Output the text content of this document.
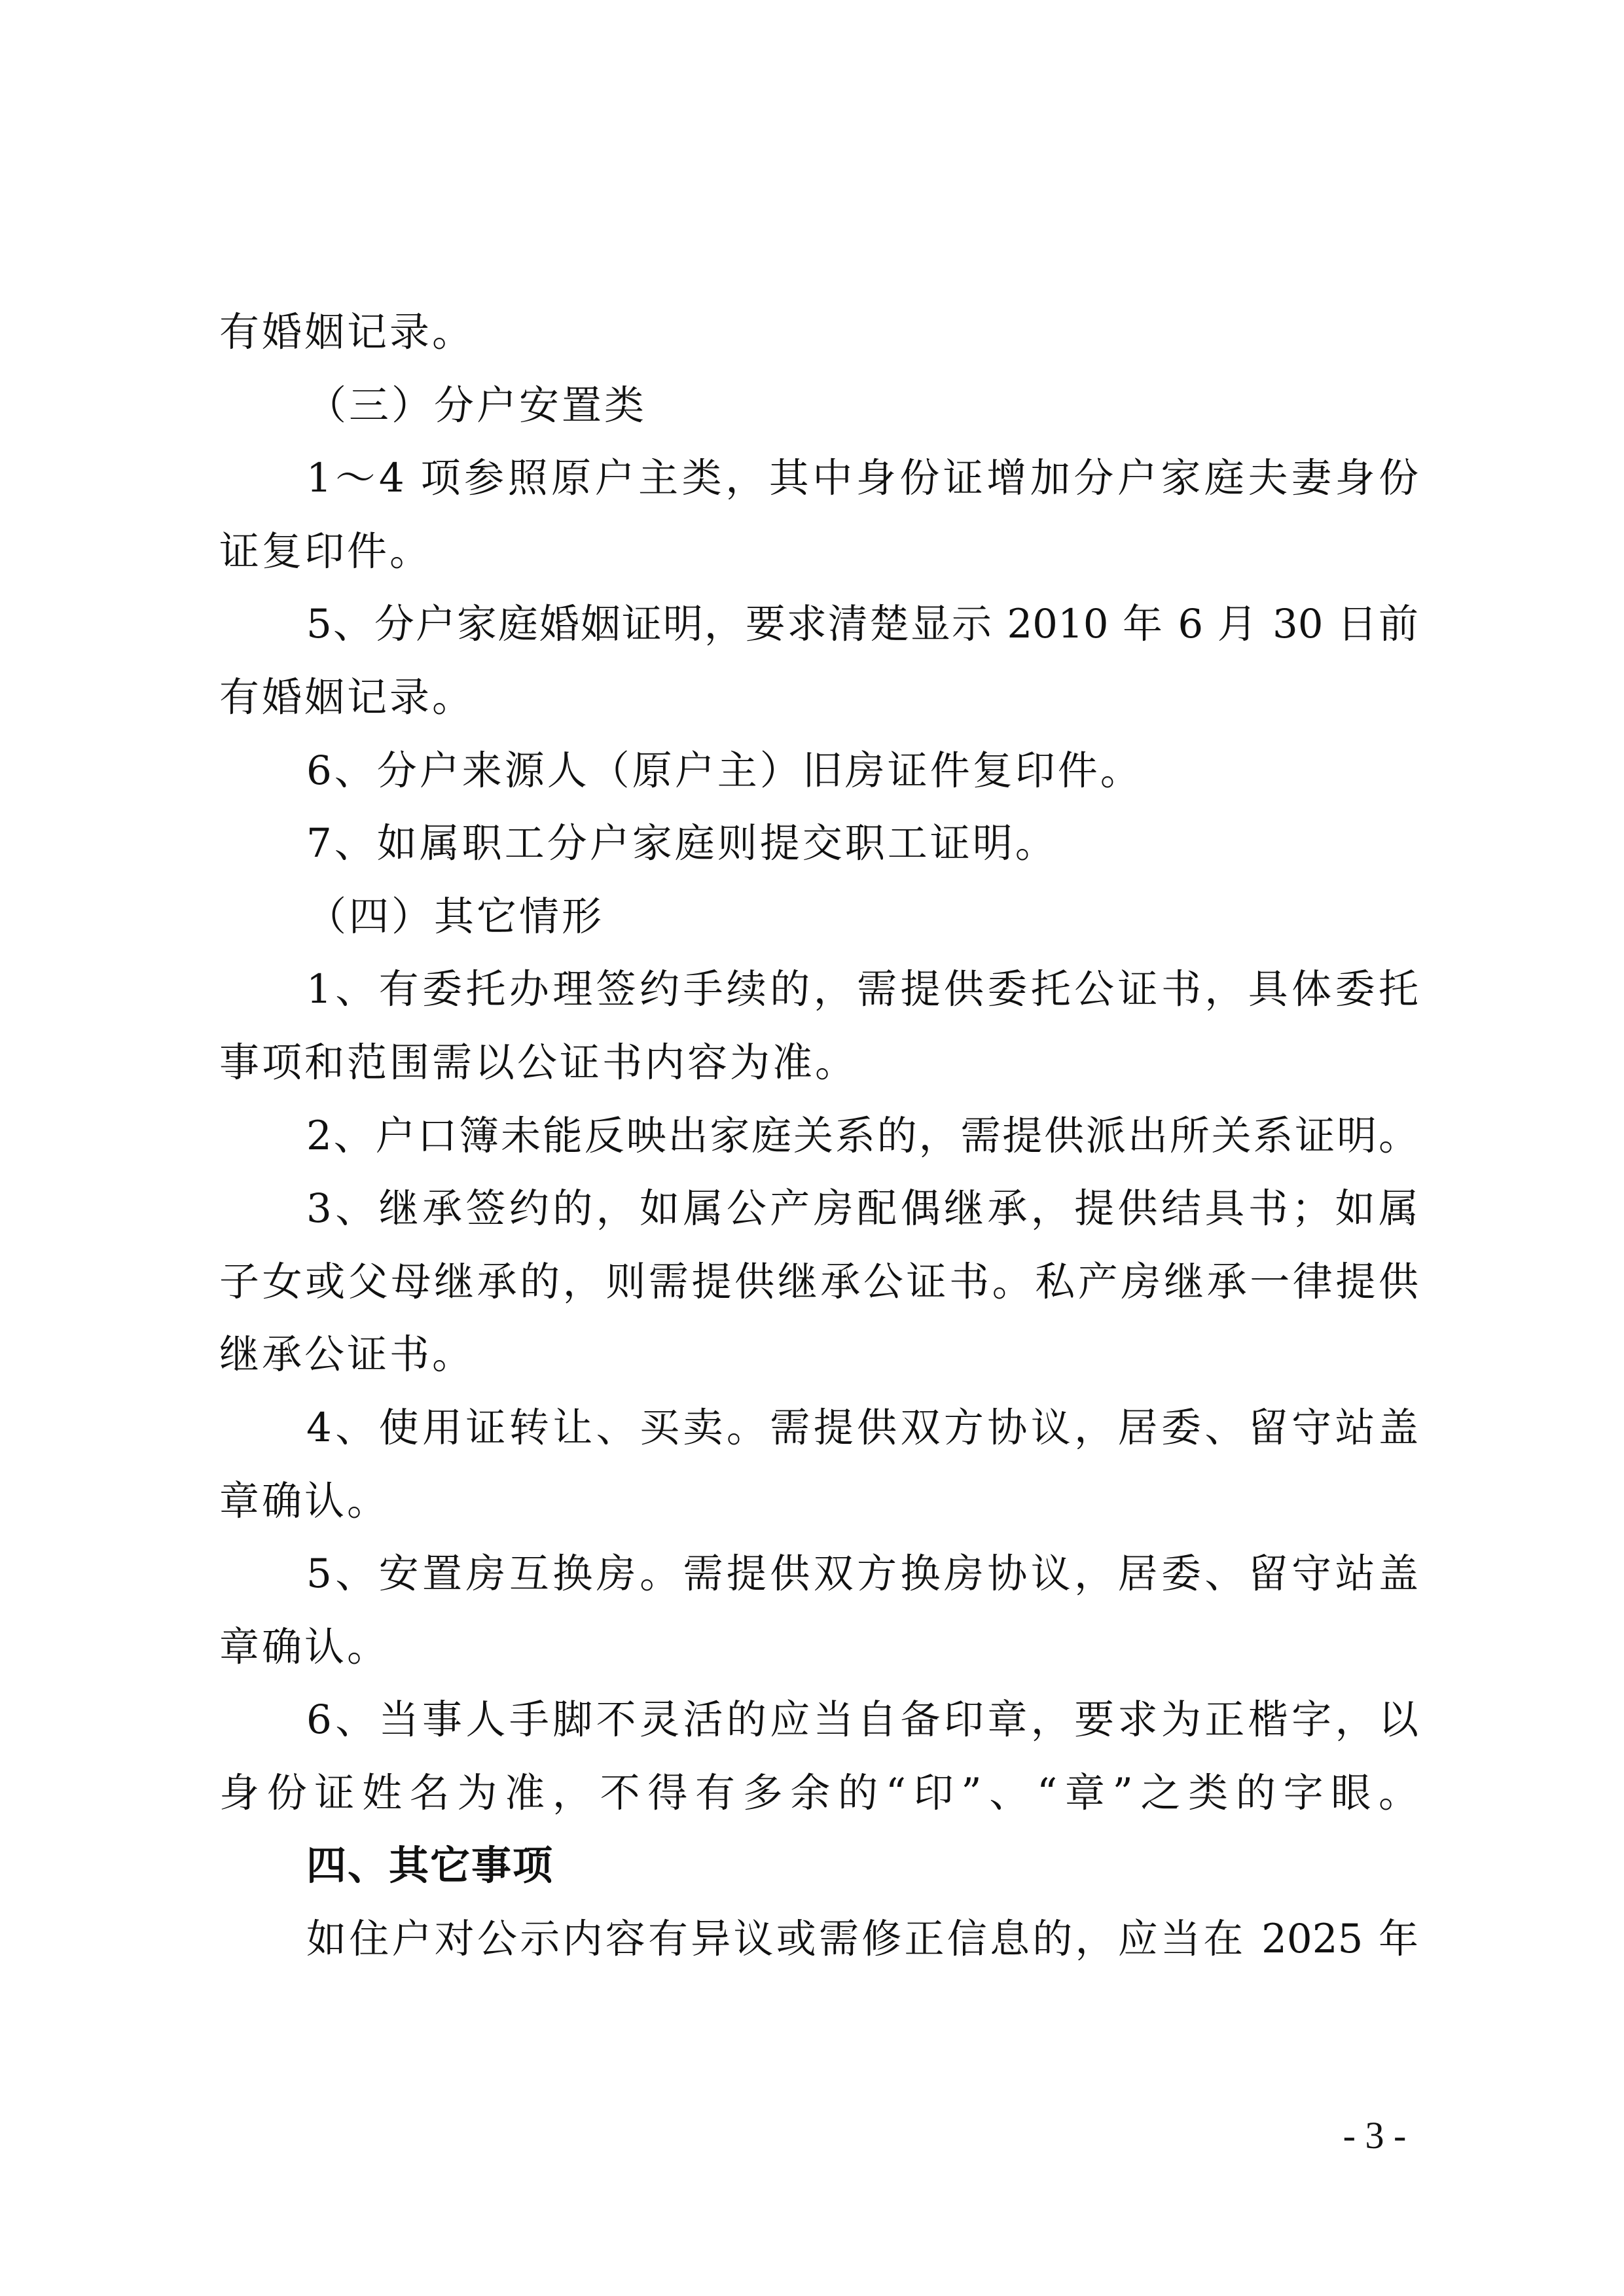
有婚姻记录。
（三）分户安置类
1～4 项参照原户主类，其中身份证增加分户家庭夫妻身份
证复印件。
5、分户家庭婚姻证明，要求清楚显示 2010 年 6 月 30 日前
有婚姻记录。
6、分户来源人（原户主）旧房证件复印件。
7、如属职工分户家庭则提交职工证明。
（四）其它情形
1、有委托办理签约手续的，需提供委托公证书，具体委托
事项和范围需以公证书内容为准。
2、户口簿未能反映出家庭关系的，需提供派出所关系证明。
3、继承签约的，如属公产房配偶继承，提供结具书；如属
子女或父母继承的，则需提供继承公证书。私产房继承一律提供
继承公证书。
4、使用证转让、买卖。需提供双方协议，居委、留守站盖
章确认。
5、安置房互换房。需提供双方换房协议，居委、留守站盖
章确认。
6、当事人手脚不灵活的应当自备印章，要求为正楷字，以
身份证姓名为准，不得有多余的“印”、“章”之类的字眼。
四、其它事项
如住户对公示内容有异议或需修正信息的，应当在 2025 年
- 3 -
